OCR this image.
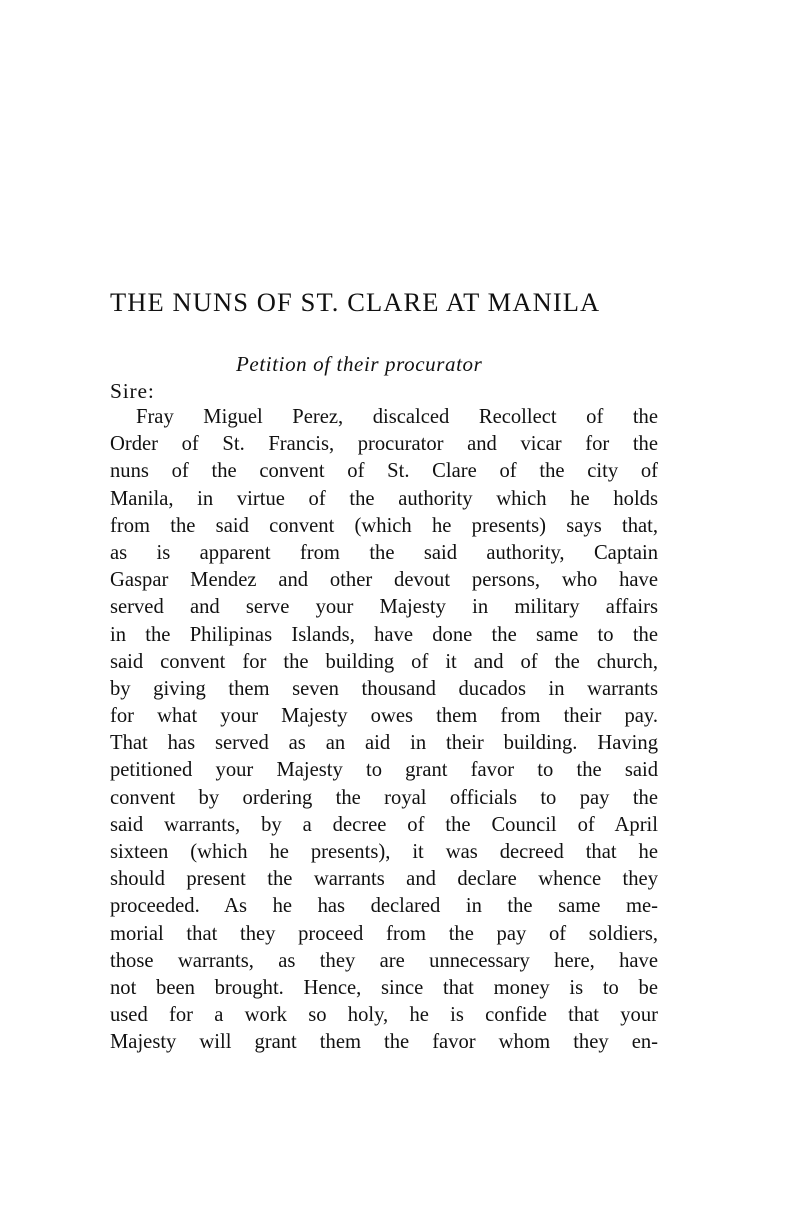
THE NUNS OF ST. CLARE AT MANILA
Petition of their procurator
Sire:
Fray Miguel Perez, discalced Recollect of the
Order of St. Francis, procurator and vicar for the
nuns of the convent of St. Clare of the city of
Manila, in virtue of the authority which he holds
from the said convent (which he presents) says that,
as is apparent from the said authority, Captain
Gaspar Mendez and other devout persons, who have
served and serve your Majesty in military affairs
in the Philipinas Islands, have done the same to the
said convent for the building of it and of the church,
by giving them seven thousand ducados in warrants
for what your Majesty owes them from their pay.
That has served as an aid in their building. Having
petitioned your Majesty to grant favor to the said
convent by ordering the royal officials to pay the
said warrants, by a decree of the Council of April
sixteen (which he presents), it was decreed that he
should present the warrants and declare whence they
proceeded. As he has declared in the same me-
morial that they proceed from the pay of soldiers,
those warrants, as they are unnecessary here, have
not been brought. Hence, since that money is to be
used for a work so holy, he is confide that your
Majesty will grant them the favor whom they en-
